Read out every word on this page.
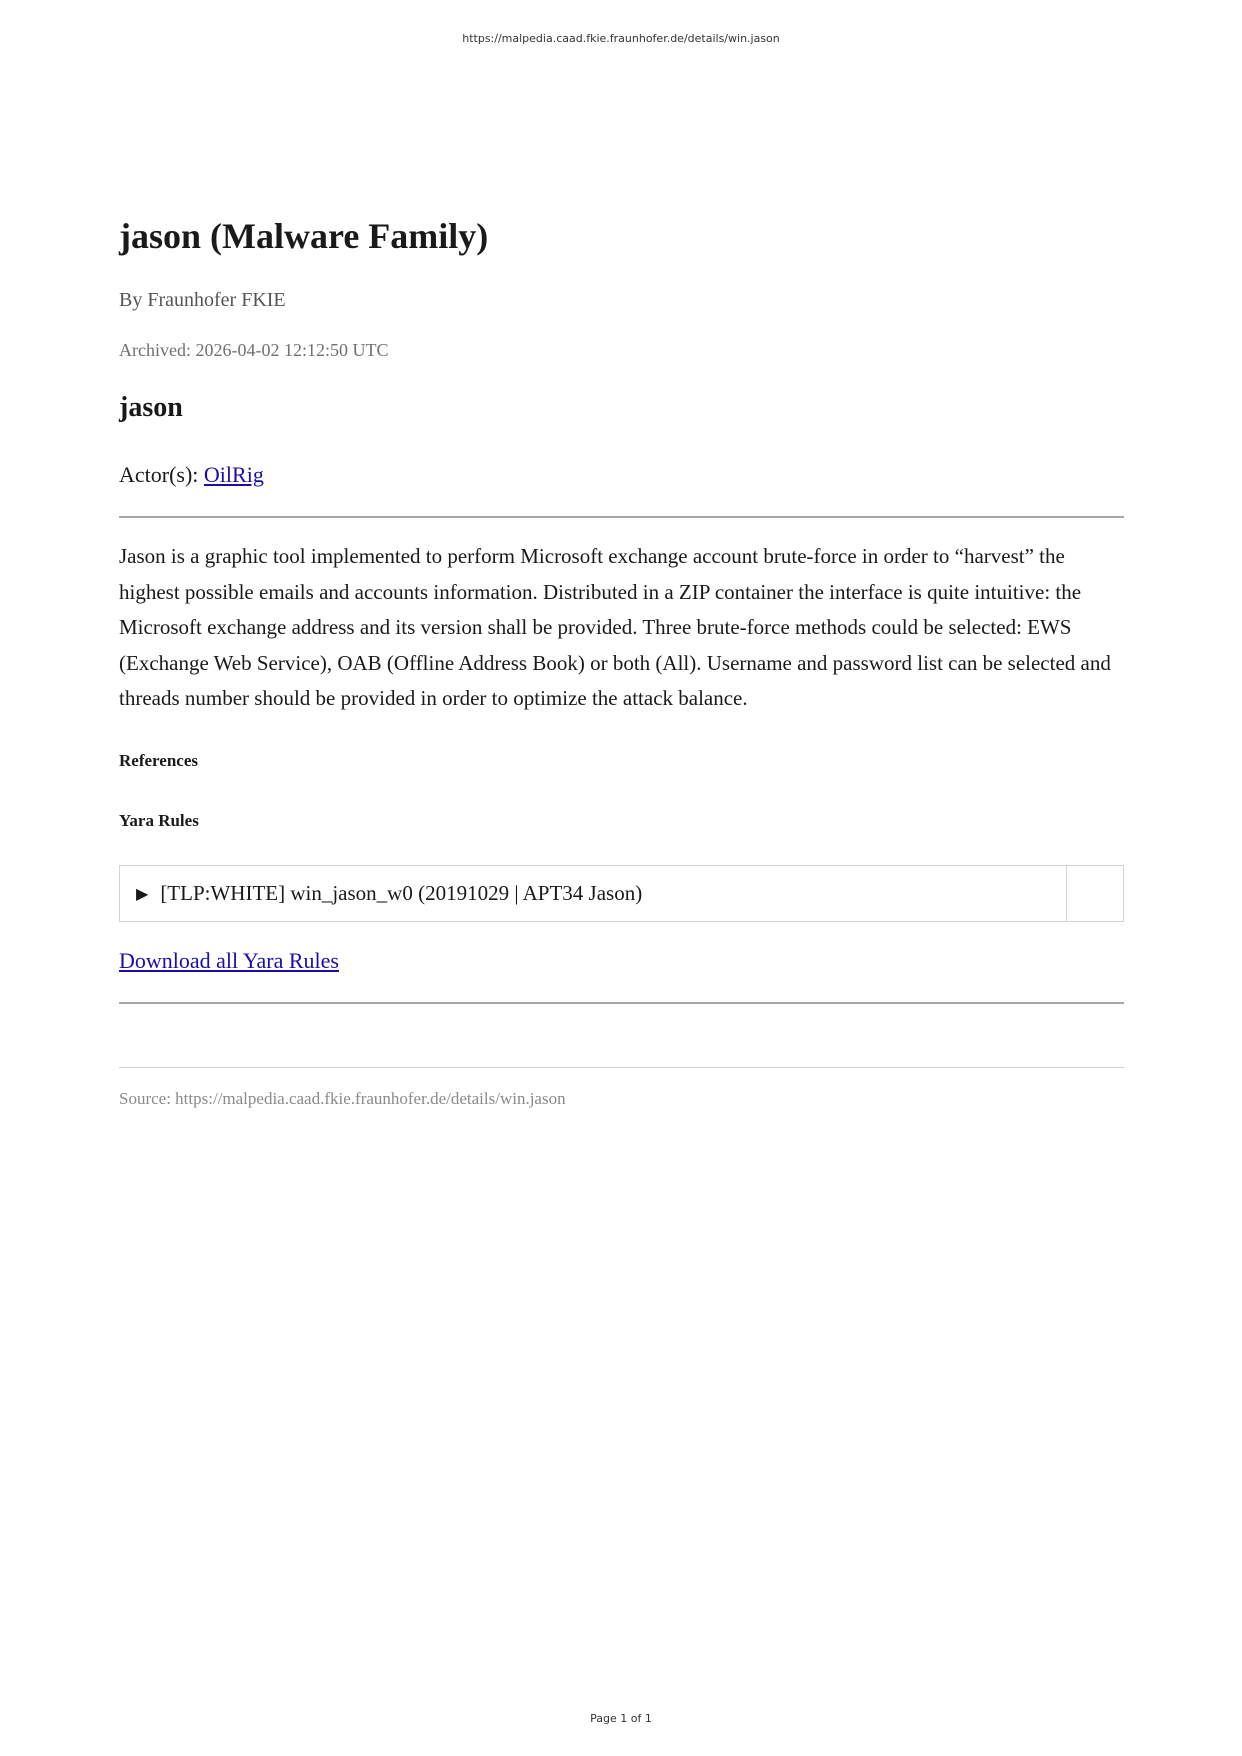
https://malpedia.caad.fkie.fraunhofer.de/details/win.jason
jason (Malware Family)
By Fraunhofer FKIE
Archived: 2026-04-02 12:12:50 UTC
jason
Actor(s): OilRig

Jason is a graphic tool implemented to perform Microsoft exchange account brute-force in order to “harvest” the highest possible emails and accounts information. Distributed in a ZIP container the interface is quite intuitive: the Microsoft exchange address and its version shall be provided. Three brute-force methods could be selected: EWS (Exchange Web Service), OAB (Offline Address Book) or both (All). Username and password list can be selected and threads number should be provided in order to optimize the attack balance.

References
Yara Rules
▶ [TLP:WHITE] win_jason_w0 (20191029 | APT34 Jason)
Download all Yara Rules
Source: https://malpedia.caad.fkie.fraunhofer.de/details/win.jason
Page 1 of 1
